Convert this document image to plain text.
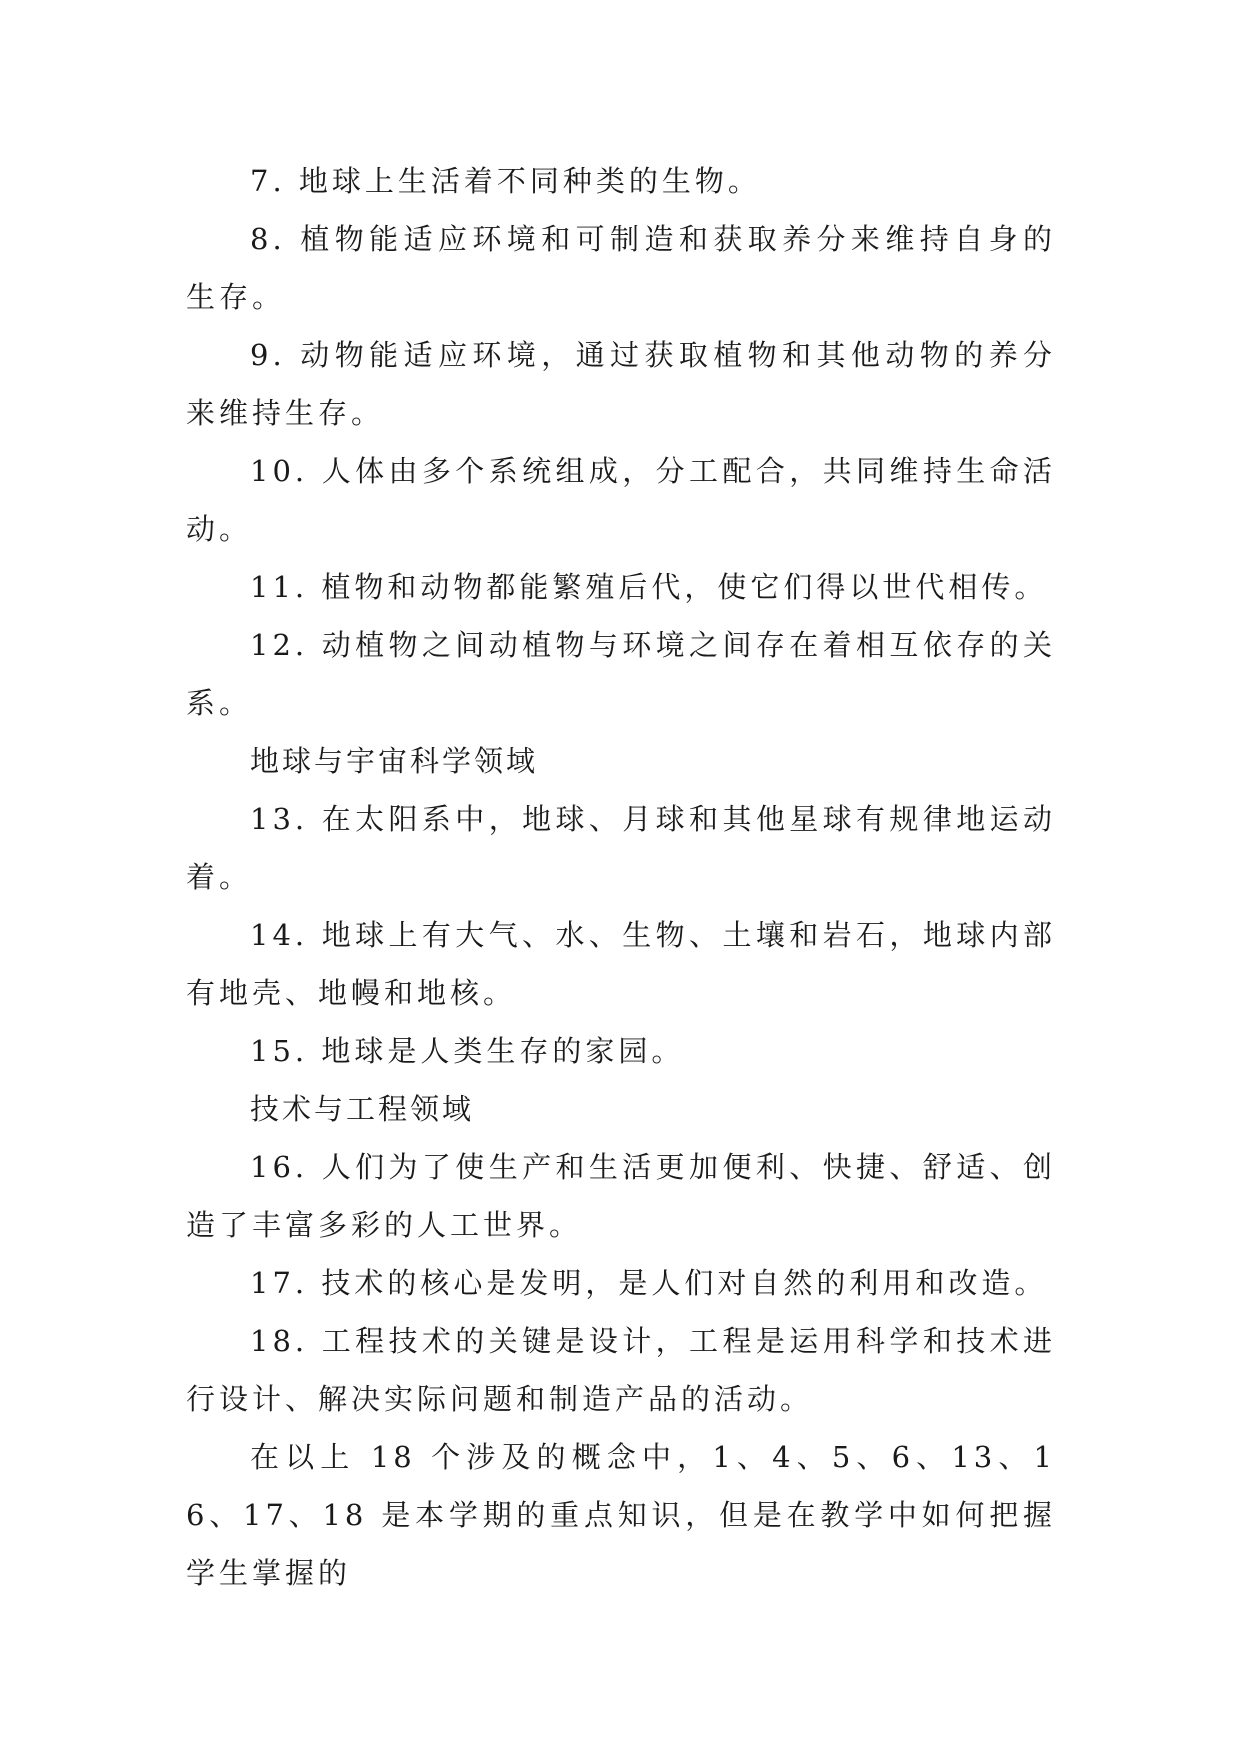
7. 地球上生活着不同种类的生物。

8. 植物能适应环境和可制造和获取养分来维持自身的生存。

9. 动物能适应环境，通过获取植物和其他动物的养分来维持生存。

10. 人体由多个系统组成，分工配合，共同维持生命活动。

11. 植物和动物都能繁殖后代，使它们得以世代相传。

12. 动植物之间动植物与环境之间存在着相互依存的关系。

地球与宇宙科学领域

13. 在太阳系中，地球、月球和其他星球有规律地运动着。

14. 地球上有大气、水、生物、土壤和岩石，地球内部有地壳、地幔和地核。

15. 地球是人类生存的家园。

技术与工程领域

16. 人们为了使生产和生活更加便利、快捷、舒适、创造了丰富多彩的人工世界。

17. 技术的核心是发明，是人们对自然的利用和改造。

18. 工程技术的关键是设计，工程是运用科学和技术进行设计、解决实际问题和制造产品的活动。

在以上 18 个涉及的概念中，1、4、5、6、13、16、17、18 是本学期的重点知识，但是在教学中如何把握学生掌握的
